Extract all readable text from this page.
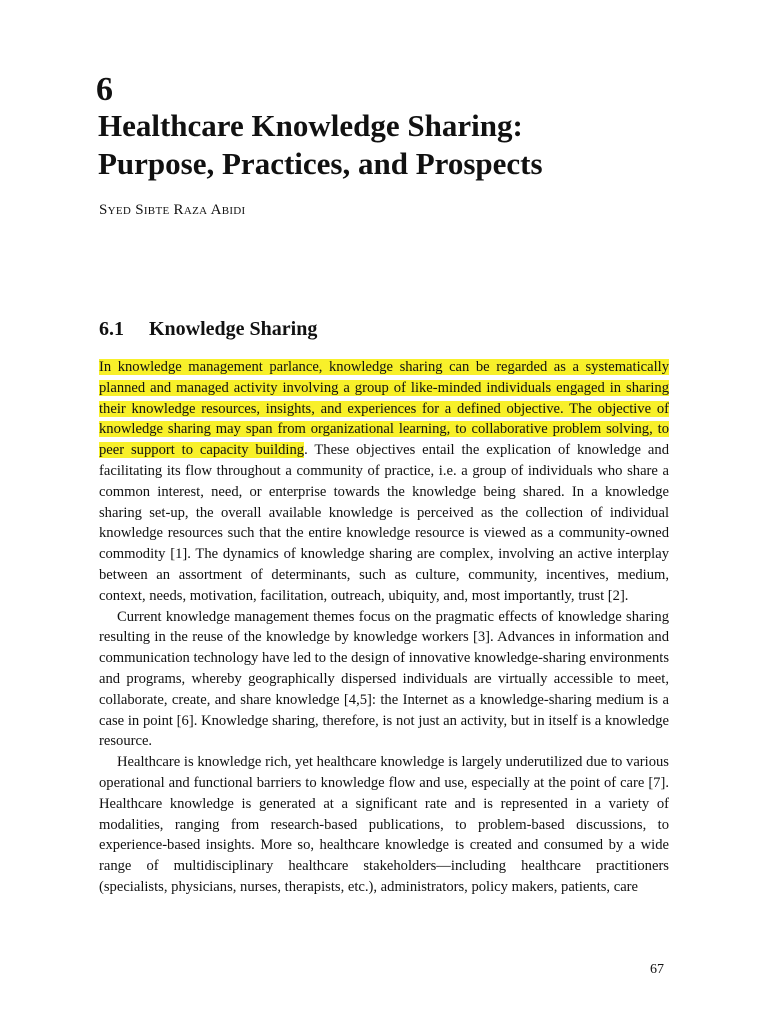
6
Healthcare Knowledge Sharing:
Purpose, Practices, and Prospects
Syed Sibte Raza Abidi
6.1 Knowledge Sharing

In knowledge management parlance, knowledge sharing can be regarded as a systematically planned and managed activity involving a group of like-minded individuals engaged in sharing their knowledge resources, insights, and experiences for a defined objective. The objective of knowledge sharing may span from organizational learning, to collaborative problem solving, to peer support to capacity building. These objectives entail the explication of knowledge and facilitating its flow throughout a community of practice, i.e. a group of individuals who share a common interest, need, or enterprise towards the knowledge being shared. In a knowledge sharing set-up, the overall available knowledge is perceived as the collection of individual knowledge resources such that the entire knowledge resource is viewed as a community-owned commodity [1]. The dynamics of knowledge sharing are complex, involving an active interplay between an assortment of determinants, such as culture, community, incentives, medium, context, needs, motivation, facilitation, outreach, ubiquity, and, most importantly, trust [2].

Current knowledge management themes focus on the pragmatic effects of knowledge sharing resulting in the reuse of the knowledge by knowledge workers [3]. Advances in information and communication technology have led to the design of innovative knowledge-sharing environments and programs, whereby geographically dispersed individuals are virtually accessible to meet, collaborate, create, and share knowledge [4,5]: the Internet as a knowledge-sharing medium is a case in point [6]. Knowledge sharing, therefore, is not just an activity, but in itself is a knowledge resource.

Healthcare is knowledge rich, yet healthcare knowledge is largely underutilized due to various operational and functional barriers to knowledge flow and use, especially at the point of care [7]. Healthcare knowledge is generated at a significant rate and is represented in a variety of modalities, ranging from research-based publications, to problem-based discussions, to experience-based insights. More so, healthcare knowledge is created and consumed by a wide range of multidisciplinary healthcare stakeholders—including healthcare practitioners (specialists, physicians, nurses, therapists, etc.), administrators, policy makers, patients, care

67
